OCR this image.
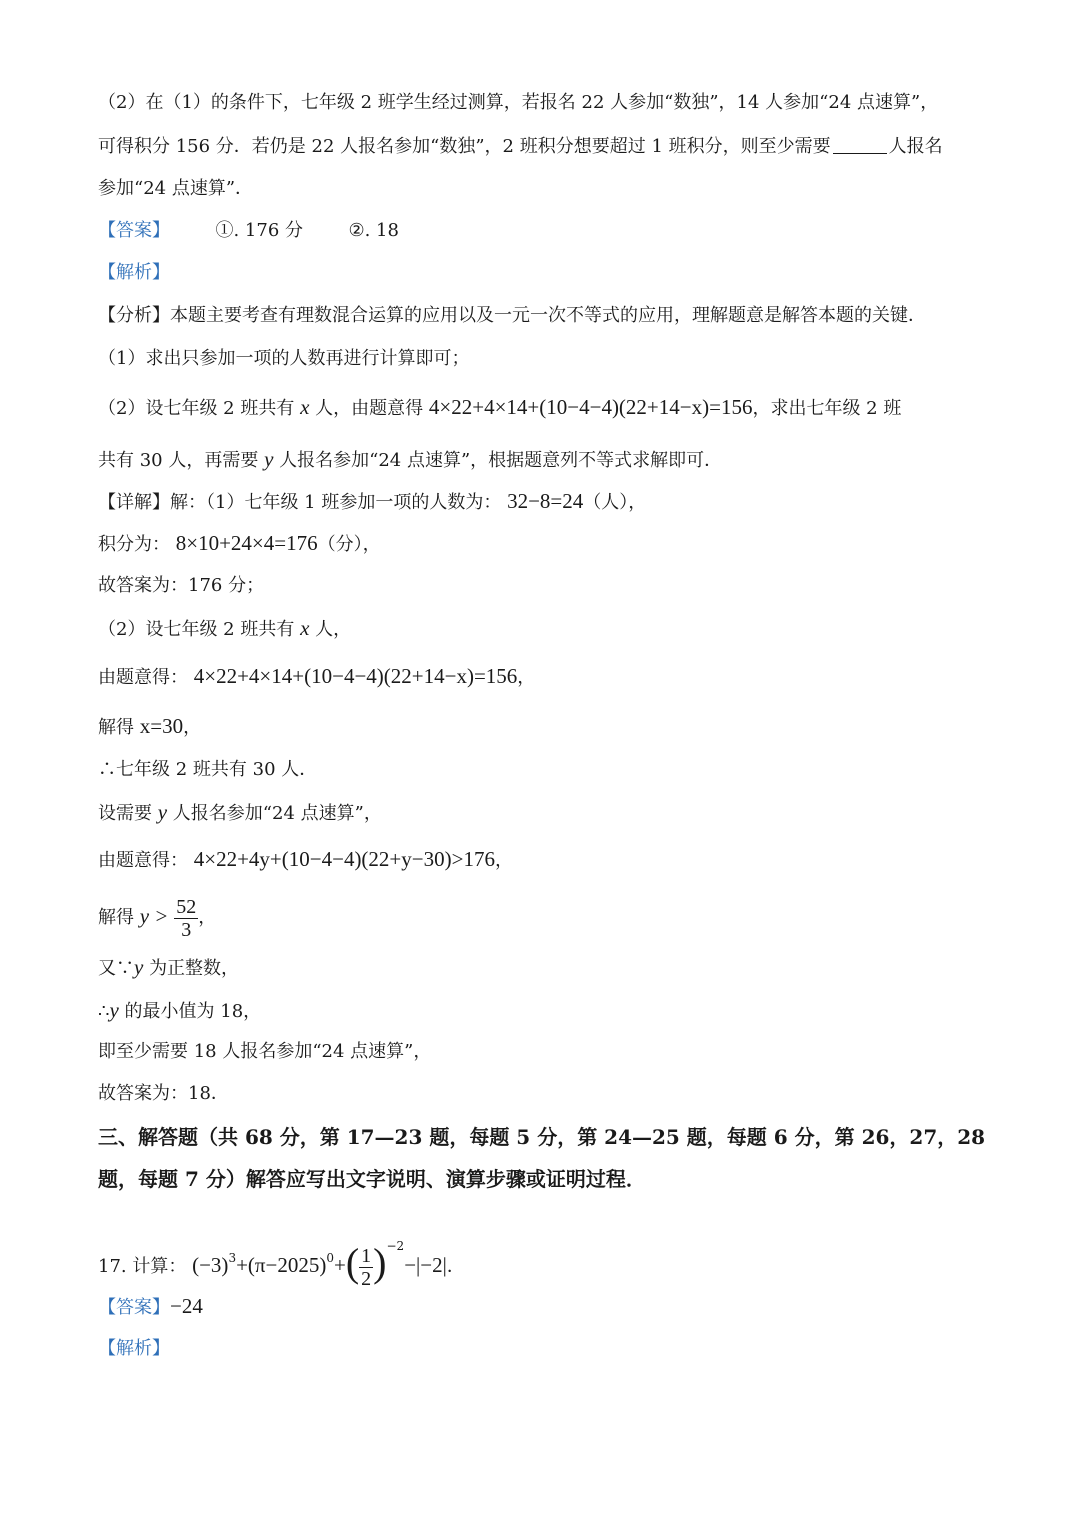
（2）在（1）的条件下，七年级 2 班学生经过测算，若报名 22 人参加“数独”，14 人参加“24 点速算”，
可得积分 156 分．若仍是 22 人报名参加“数独”，2 班积分想要超过 1 班积分，则至少需要	人报名
参加“24 点速算”．
【答案】	①. 176 分	②. 18
【解析】
【分析】本题主要考查有理数混合运算的应用以及一元一次不等式的应用，理解题意是解答本题的关键．
（1）求出只参加一项的人数再进行计算即可；
（2）设七年级 2 班共有 x 人，由题意得 4×22+4×14+(10−4−4)(22+14−x)=156，求出七年级 2 班
共有 30 人，再需要 y 人报名参加“24 点速算”，根据题意列不等式求解即可．
【详解】解：（1）七年级 1 班参加一项的人数为： 32−8=24（人），
积分为： 8×10+24×4=176（分），
故答案为：176 分；
（2）设七年级 2 班共有 x 人，
由题意得： 4×22+4×14+(10−4−4)(22+14−x)=156，
解得 x=30，
∴七年级 2 班共有 30 人．
设需要 y 人报名参加“24 点速算”，
由题意得： 4×22+4y+(10−4−4)(22+y−30)>176，
解得 $y > \frac{52}{3}$ ，
又∵y 为正整数，
∴y 的最小值为 18，
即至少需要 18 人报名参加“24 点速算”，
故答案为：18．
三、解答题（共 68 分，第 17—23 题，每题 5 分，第 24—25 题，每题 6 分，第 26，27，28
题，每题 7 分）解答应写出文字说明、演算步骤或证明过程．
17. 计算： $(-3)^3+(\pi-2025)^0+( \frac{1}{2} )^{-2}-|-2|$．
【答案】−24
【解析】
